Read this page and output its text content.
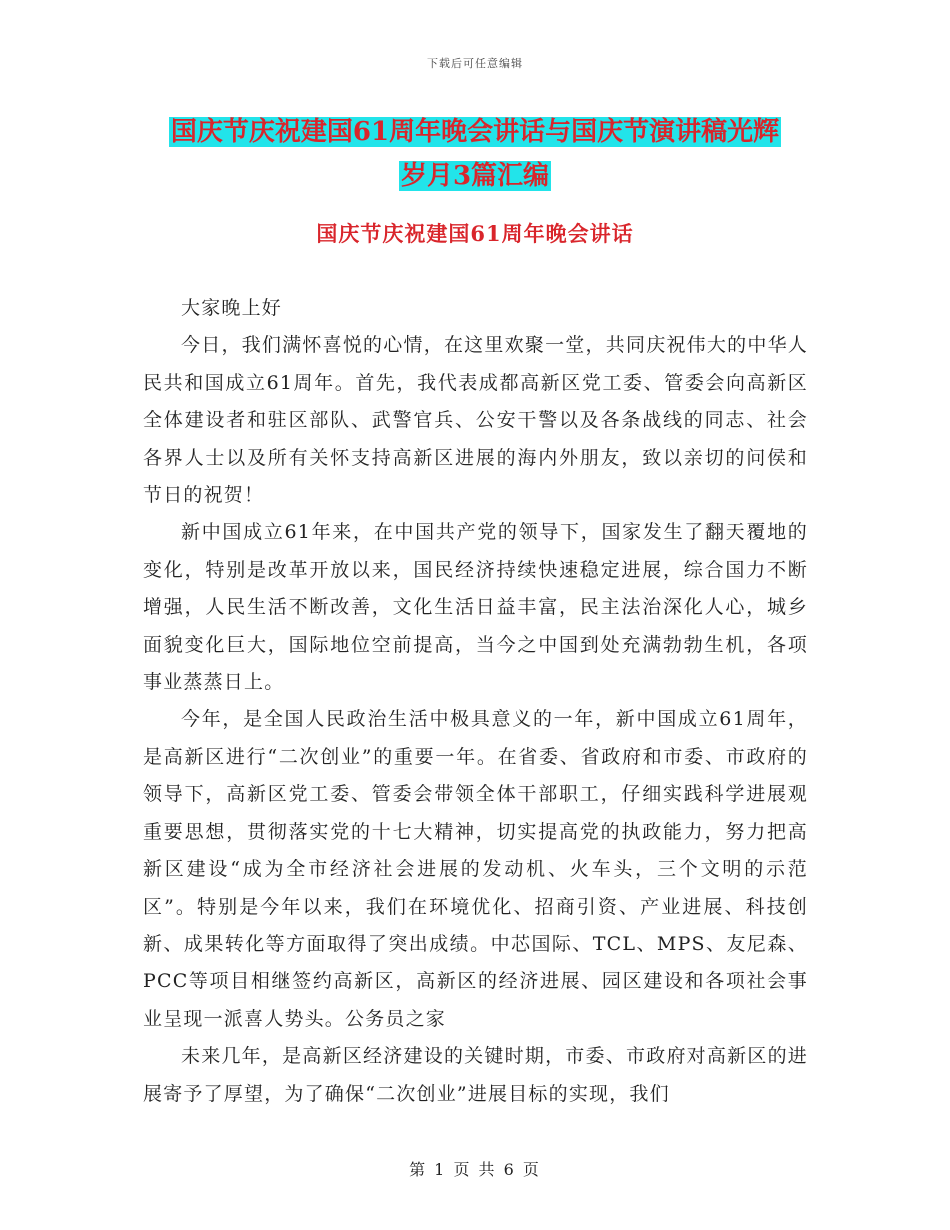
下载后可任意编辑
国庆节庆祝建国61周年晚会讲话与国庆节演讲稿光辉
岁月3篇汇编
国庆节庆祝建国61周年晚会讲话

大家晚上好

今日，我们满怀喜悦的心情，在这里欢聚一堂，共同庆祝伟大的中华人民共和国成立61周年。首先，我代表成都高新区党工委、管委会向高新区全体建设者和驻区部队、武警官兵、公安干警以及各条战线的同志、社会各界人士以及所有关怀支持高新区进展的海内外朋友，致以亲切的问侯和节日的祝贺！

新中国成立61年来，在中国共产党的领导下，国家发生了翻天覆地的变化，特别是改革开放以来，国民经济持续快速稳定进展，综合国力不断增强，人民生活不断改善，文化生活日益丰富，民主法治深化人心，城乡面貌变化巨大，国际地位空前提高，当今之中国到处充满勃勃生机，各项事业蒸蒸日上。

今年，是全国人民政治生活中极具意义的一年，新中国成立61周年，是高新区进行“二次创业”的重要一年。在省委、省政府和市委、市政府的领导下，高新区党工委、管委会带领全体干部职工，仔细实践科学进展观重要思想，贯彻落实党的十七大精神，切实提高党的执政能力，努力把高新区建设“成为全市经济社会进展的发动机、火车头，三个文明的示范区”。特别是今年以来，我们在环境优化、招商引资、产业进展、科技创新、成果转化等方面取得了突出成绩。中芯国际、TCL、MPS、友尼森、PCC等项目相继签约高新区，高新区的经济进展、园区建设和各项社会事业呈现一派喜人势头。公务员之家

未来几年，是高新区经济建设的关键时期，市委、市政府对高新区的进展寄予了厚望，为了确保“二次创业”进展目标的实现，我们

第 1 页 共 6 页
